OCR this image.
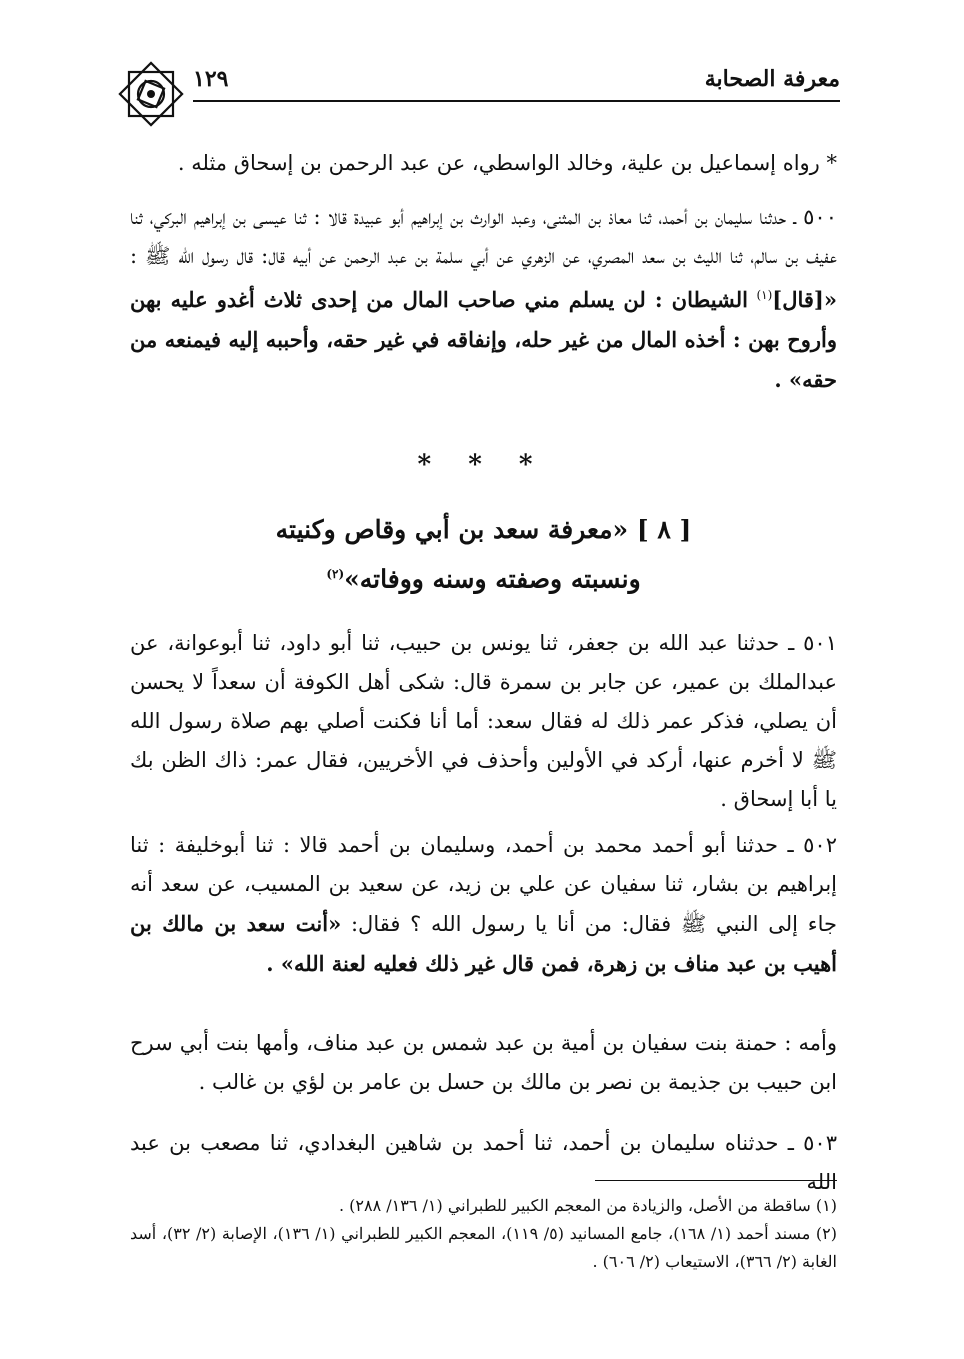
١٢٩	معرفة الصحابة

* رواه إسماعيل بن علية، وخالد الواسطي، عن عبد الرحمن بن إسحاق مثله .

٥٠٠ ـ حدثنا سليمان بن أحمد، ثنا معاذ بن المثنى، وعبد الوارث بن إبراهيم أبو عبيدة قالا : ثنا عيسى بن إبراهيم البركي، ثنا عفيف بن سالم، ثنا الليث بن سعد المصري، عن الزهري عن أبي سلمة بن عبد الرحمن عن أبيه قال: قال رسول الله ﷺ : «[قال]$^{(١)}$ الشيطان : لن يسلم مني صاحب المال من إحدى ثلاث أغدو عليه بهن وأروح بهن : أخذه المال من غير حله، وإنفاقه في غير حقه، وأحببه إليه فيمنعه من حقه» .

* * *
[ ٨ ] «معرفة سعد بن أبي وقاص وكنيته
ونسبته وصفته وسنه ووفاته»$^{(٢)}$

٥٠١ ـ حدثنا عبد الله بن جعفر، ثنا يونس بن حبيب، ثنا أبو داود، ثنا أبوعوانة، عن عبدالملك بن عمير، عن جابر بن سمرة قال: شكى أهل الكوفة أن سعداً لا يحسن أن يصلي، فذكر عمر ذلك له فقال سعد: أما أنا فكنت أصلي بهم صلاة رسول الله ﷺ لا أخرم عنها، أركد في الأولين وأحذف في الأخريين، فقال عمر: ذاك الظن بك يا أبا إسحاق .

٥٠٢ ـ حدثنا أبو أحمد محمد بن أحمد، وسليمان بن أحمد قالا : ثنا أبوخليفة : ثنا إبراهيم بن بشار، ثنا سفيان عن علي بن زيد، عن سعيد بن المسيب، عن سعد أنه جاء إلى النبي ﷺ فقال: من أنا يا رسول الله ؟ فقال: «أنت سعد بن مالك بن أهيب بن عبد مناف بن زهرة، فمن قال غير ذلك فعليه لعنة الله» .

وأمه : حمنة بنت سفيان بن أمية بن عبد شمس بن عبد مناف، وأمها بنت أبي سرح ابن حبيب بن جذيمة بن نصر بن مالك بن حسل بن عامر بن لؤي بن غالب .

٥٠٣ ـ حدثناه سليمان بن أحمد، ثنا أحمد بن شاهين البغدادي، ثنا مصعب بن عبد الله

(١) ساقطة من الأصل، والزيادة من المعجم الكبير للطبراني (١/ ١٣٦/ ٢٨٨) .

(٢) مسند أحمد (١/ ١٦٨)، جامع المسانيد (٥/ ١١٩)، المعجم الكبير للطبراني (١/ ١٣٦)، الإصابة (٢/ ٣٢)، أسد الغابة (٢/ ٣٦٦)، الاستيعاب (٢/ ٦٠٦) .
